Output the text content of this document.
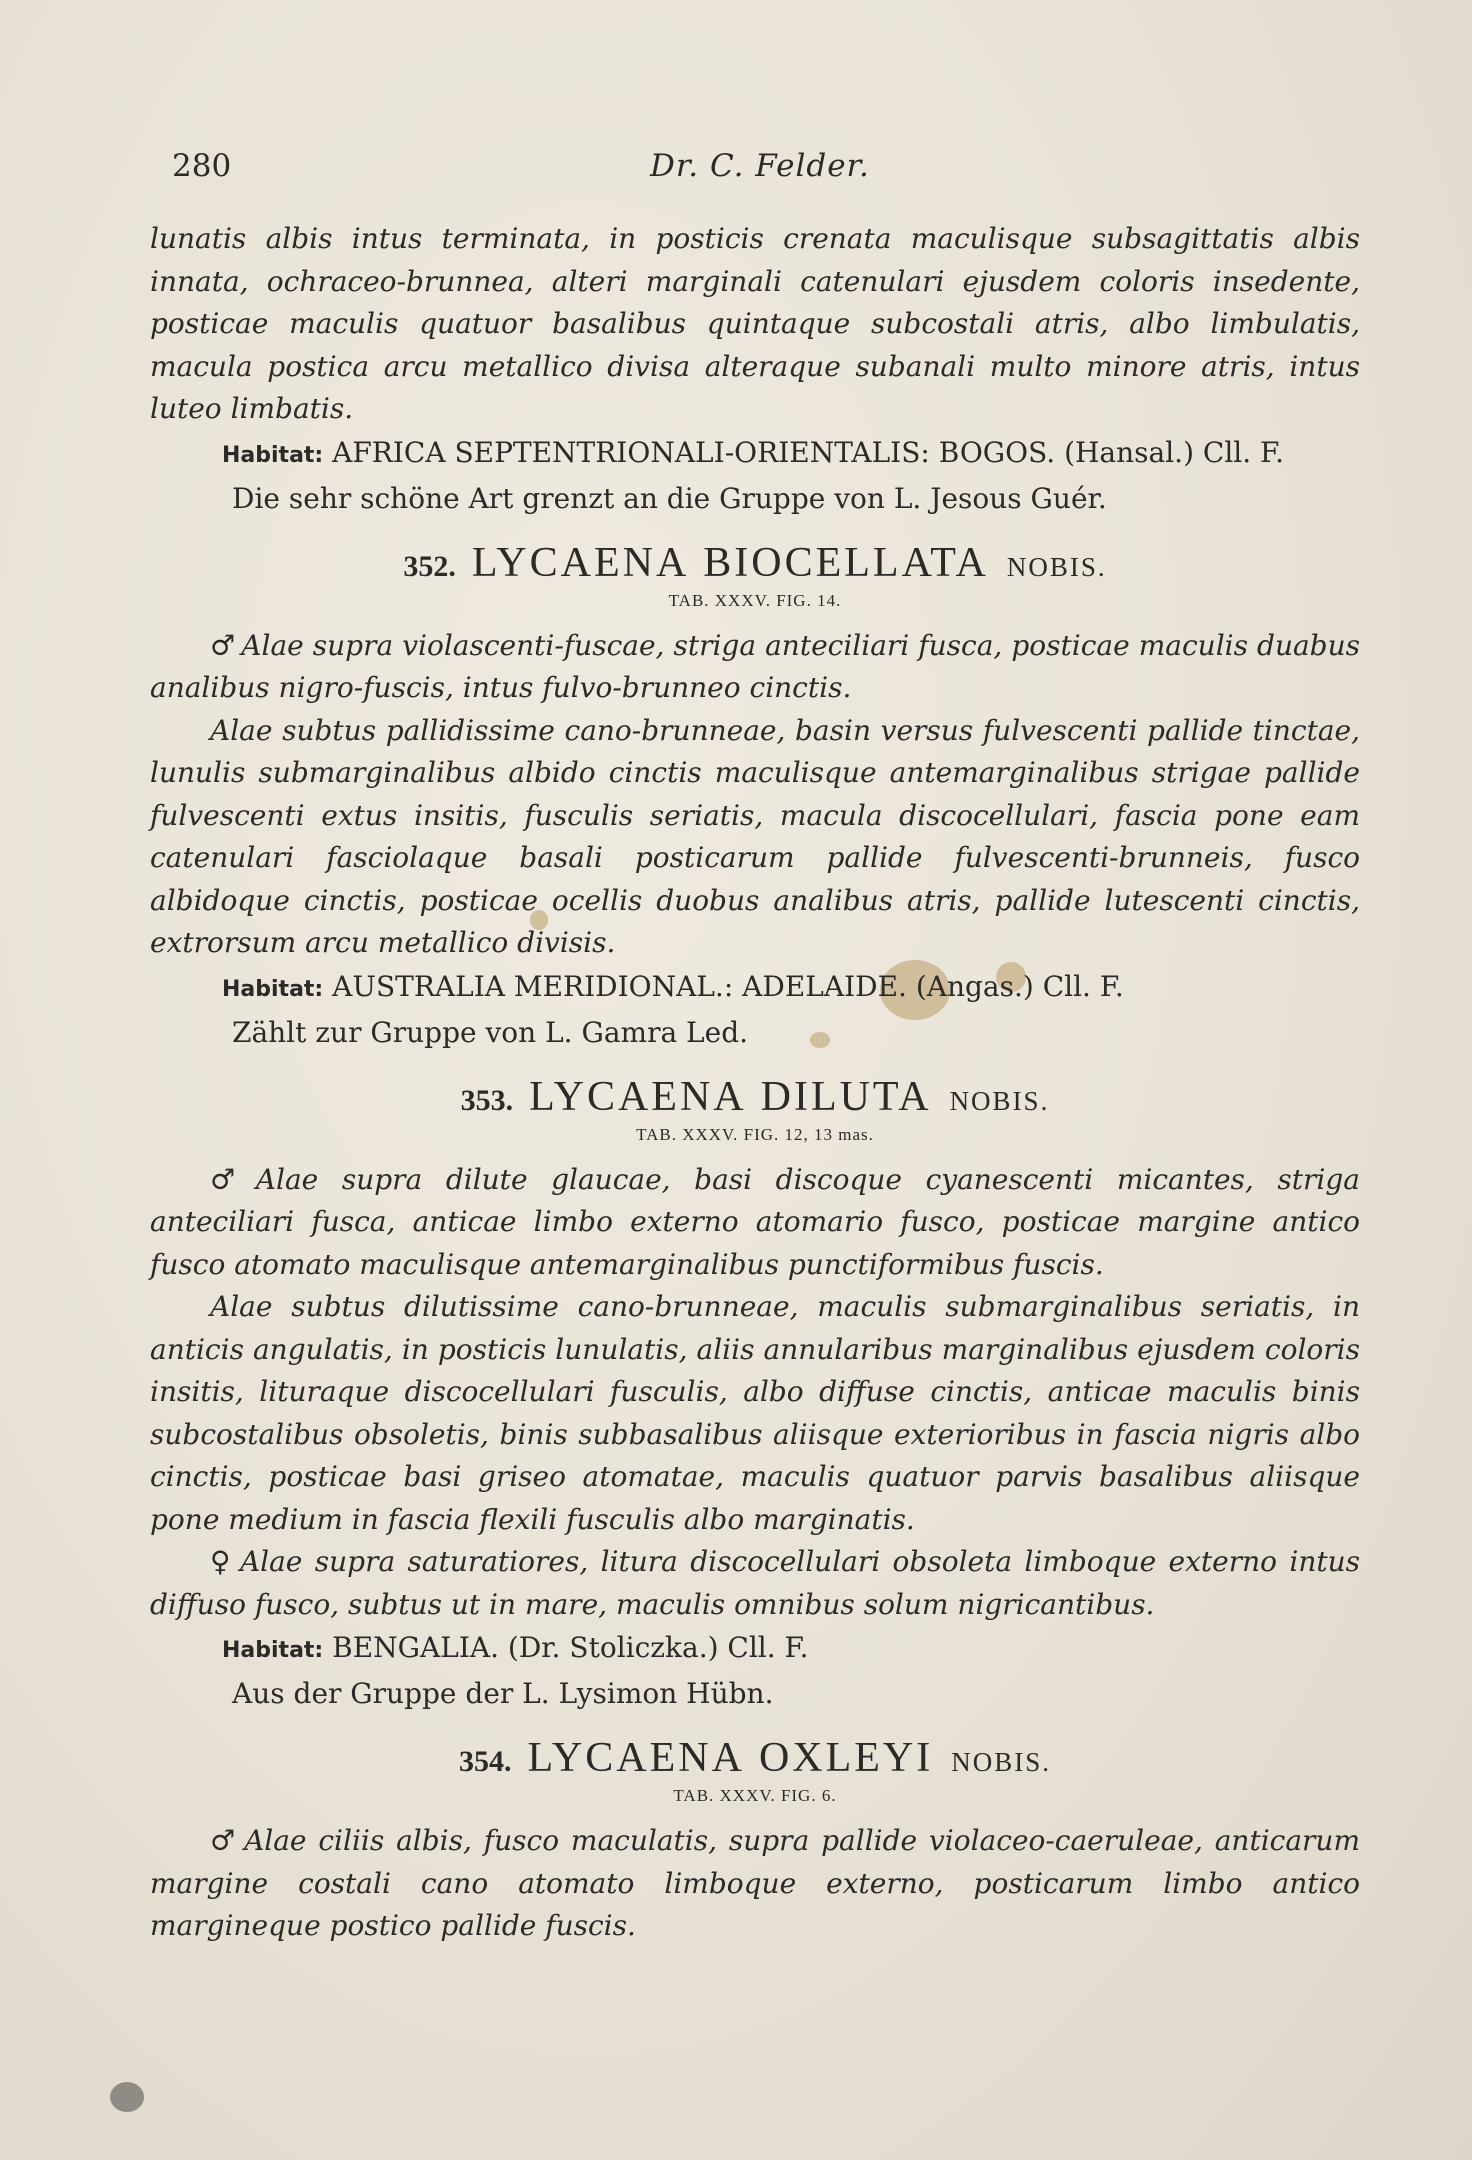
280	Dr. C. Felder.

lunatis albis intus terminata, in posticis crenata maculisque subsagittatis albis innata, ochraceo-brunnea, alteri marginali catenulari ejusdem coloris insedente, posticae maculis quatuor basalibus quintaque subcostali atris, albo limbulatis, macula postica arcu metallico divisa alteraque subanali multo minore atris, intus luteo limbatis.

Habitat: AFRICA SEPTENTRIONALI-ORIENTALIS: BOGOS. (Hansal.) Cll. F.

Die sehr schöne Art grenzt an die Gruppe von L. Jesous Guér.

352. LYCAENA BIOCELLATA NOBIS.
TAB. XXXV. FIG. 14.

♂ Alae supra violascenti-fuscae, striga anteciliari fusca, posticae maculis duabus analibus nigro-fuscis, intus fulvo-brunneo cinctis.

Alae subtus pallidissime cano-brunneae, basin versus fulvescenti pallide tinctae, lunulis submarginalibus albido cinctis maculisque antemarginalibus strigae pallide fulvescenti extus insitis, fusculis seriatis, macula discocellulari, fascia pone eam catenulari fasciolaque basali posticarum pallide fulvescenti-brunneis, fusco albidoque cinctis, posticae ocellis duobus analibus atris, pallide lutescenti cinctis, extrorsum arcu metallico divisis.

Habitat: AUSTRALIA MERIDIONAL.: ADELAIDE. (Angas.) Cll. F.

Zählt zur Gruppe von L. Gamra Led.

353. LYCAENA DILUTA NOBIS.
TAB. XXXV. FIG. 12, 13 mas.

♂ Alae supra dilute glaucae, basi discoque cyanescenti micantes, striga anteciliari fusca, anticae limbo externo atomario fusco, posticae margine antico fusco atomato maculisque antemarginalibus punctiformibus fuscis.

Alae subtus dilutissime cano-brunneae, maculis submarginalibus seriatis, in anticis angulatis, in posticis lunulatis, aliis annularibus marginalibus ejusdem coloris insitis, lituraque discocellulari fusculis, albo diffuse cinctis, anticae maculis binis subcostalibus obsoletis, binis subbasalibus aliisque exterioribus in fascia nigris albo cinctis, posticae basi griseo atomatae, maculis quatuor parvis basalibus aliisque pone medium in fascia flexili fusculis albo marginatis.

♀ Alae supra saturatiores, litura discocellulari obsoleta limboque externo intus diffuso fusco, subtus ut in mare, maculis omnibus solum nigricantibus.

Habitat: BENGALIA. (Dr. Stoliczka.) Cll. F.

Aus der Gruppe der L. Lysimon Hübn.

354. LYCAENA OXLEYI NOBIS.
TAB. XXXV. FIG. 6.

♂ Alae ciliis albis, fusco maculatis, supra pallide violaceo-caeruleae, anticarum margine costali cano atomato limboque externo, posticarum limbo antico margineque postico pallide fuscis.
